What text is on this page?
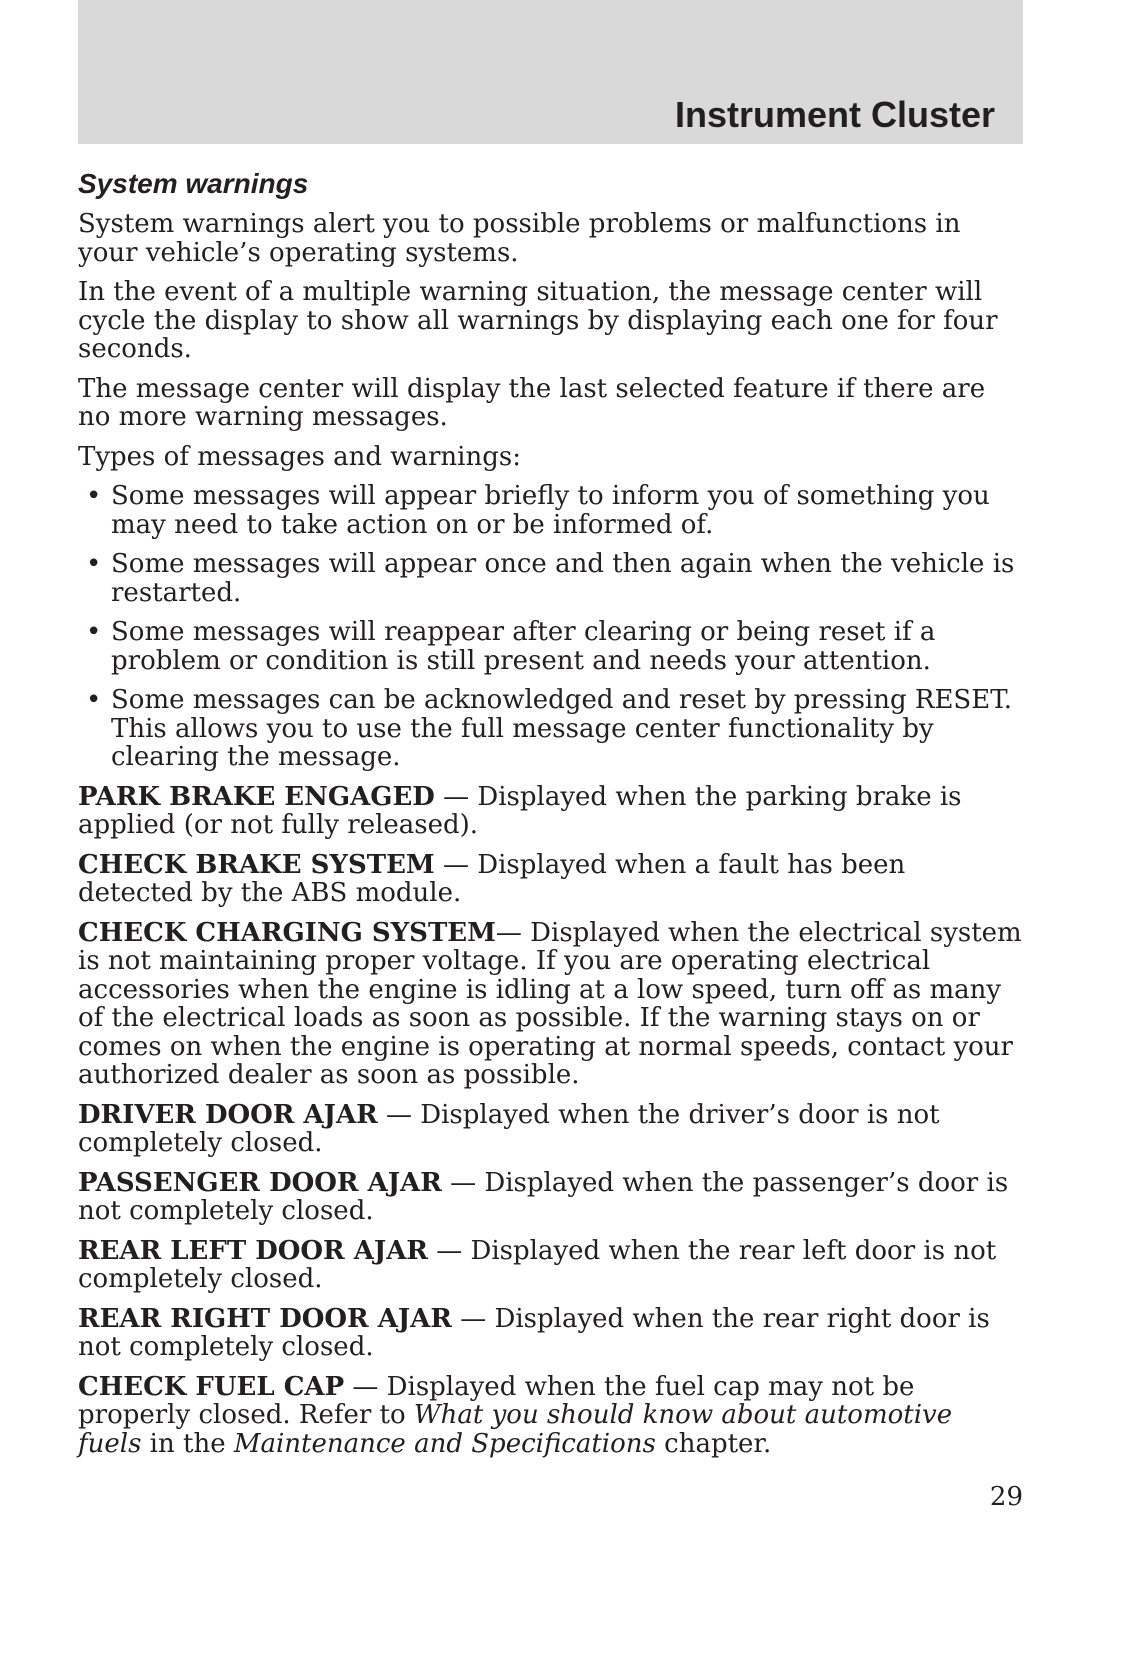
Instrument Cluster
System warnings

System warnings alert you to possible problems or malfunctions in your vehicle’s operating systems.

In the event of a multiple warning situation, the message center will cycle the display to show all warnings by displaying each one for four seconds.

The message center will display the last selected feature if there are no more warning messages.

Types of messages and warnings:

• Some messages will appear briefly to inform you of something you may need to take action on or be informed of.
• Some messages will appear once and then again when the vehicle is restarted.
• Some messages will reappear after clearing or being reset if a problem or condition is still present and needs your attention.
• Some messages can be acknowledged and reset by pressing RESET. This allows you to use the full message center functionality by clearing the message.

PARK BRAKE ENGAGED — Displayed when the parking brake is applied (or not fully released).

CHECK BRAKE SYSTEM — Displayed when a fault has been detected by the ABS module.

CHECK CHARGING SYSTEM— Displayed when the electrical system is not maintaining proper voltage. If you are operating electrical accessories when the engine is idling at a low speed, turn off as many of the electrical loads as soon as possible. If the warning stays on or comes on when the engine is operating at normal speeds, contact your authorized dealer as soon as possible.

DRIVER DOOR AJAR — Displayed when the driver’s door is not completely closed.

PASSENGER DOOR AJAR — Displayed when the passenger’s door is not completely closed.

REAR LEFT DOOR AJAR — Displayed when the rear left door is not completely closed.

REAR RIGHT DOOR AJAR — Displayed when the rear right door is not completely closed.

CHECK FUEL CAP — Displayed when the fuel cap may not be properly closed. Refer to What you should know about automotive fuels in the Maintenance and Specifications chapter.

29
